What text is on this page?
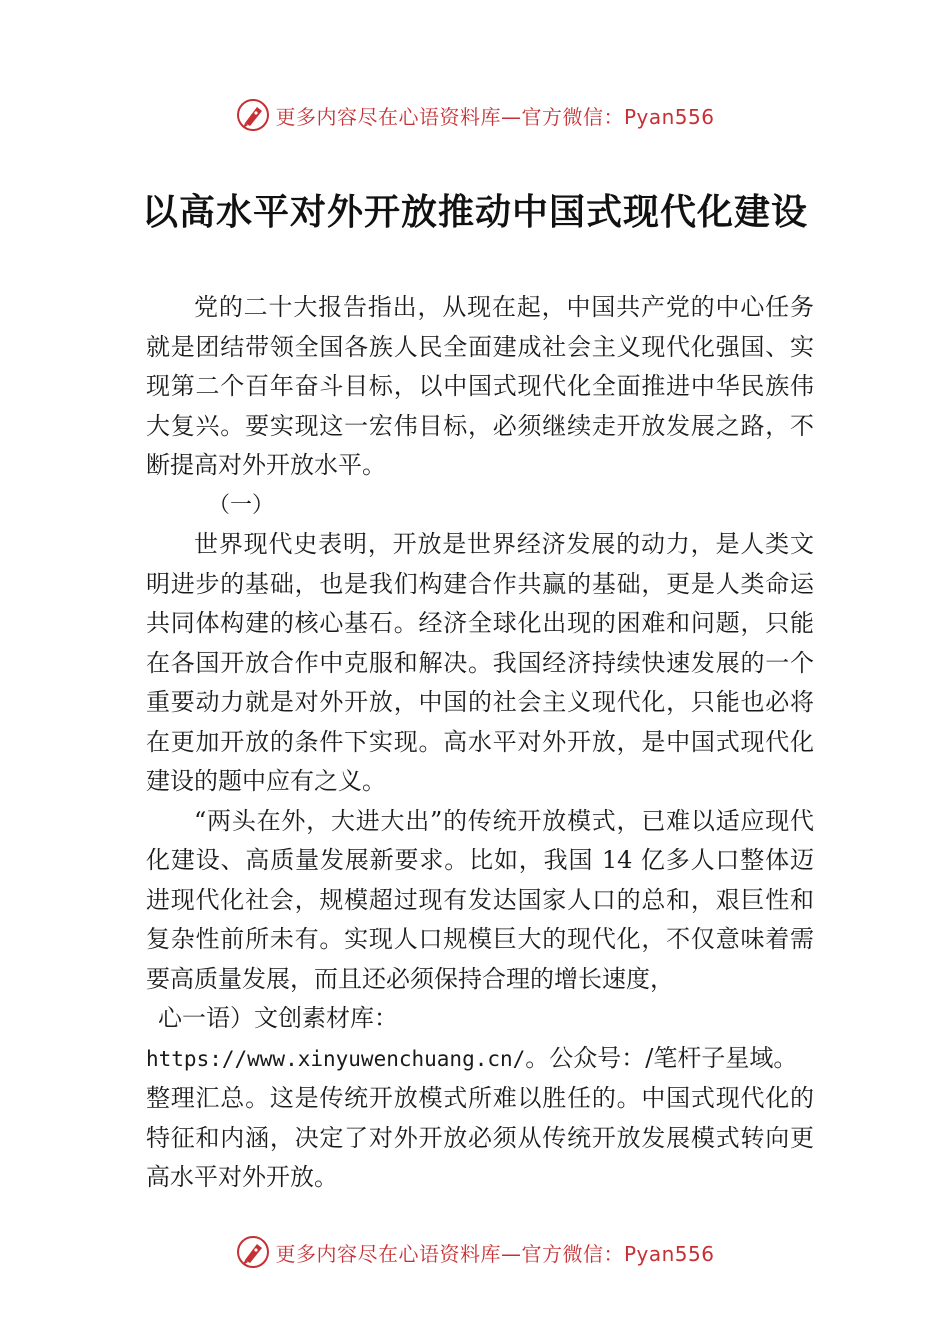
更多内容尽在心语资料库—官方微信：Pyan556
以高水平对外开放推动中国式现代化建设

党的二十大报告指出，从现在起，中国共产党的中心任务就是团结带领全国各族人民全面建成社会主义现代化强国、实现第二个百年奋斗目标，以中国式现代化全面推进中华民族伟大复兴。要实现这一宏伟目标，必须继续走开放发展之路，不断提高对外开放水平。

（一）

世界现代史表明，开放是世界经济发展的动力，是人类文明进步的基础，也是我们构建合作共赢的基础，更是人类命运共同体构建的核心基石。经济全球化出现的困难和问题，只能在各国开放合作中克服和解决。我国经济持续快速发展的一个重要动力就是对外开放，中国的社会主义现代化，只能也必将在更加开放的条件下实现。高水平对外开放，是中国式现代化建设的题中应有之义。

“两头在外，大进大出”的传统开放模式，已难以适应现代化建设、高质量发展新要求。比如，我国 14 亿多人口整体迈进现代化社会，规模超过现有发达国家人口的总和，艰巨性和复杂性前所未有。实现人口规模巨大的现代化，不仅意味着需要高质量发展，而且还必须保持合理的增长速度，

心一语）文创素材库：

https://www.xinyuwenchuang.cn/。公众号：/笔杆子星域。

整理汇总。这是传统开放模式所难以胜任的。中国式现代化的特征和内涵，决定了对外开放必须从传统开放发展模式转向更高水平对外开放。

更多内容尽在心语资料库—官方微信：Pyan556
